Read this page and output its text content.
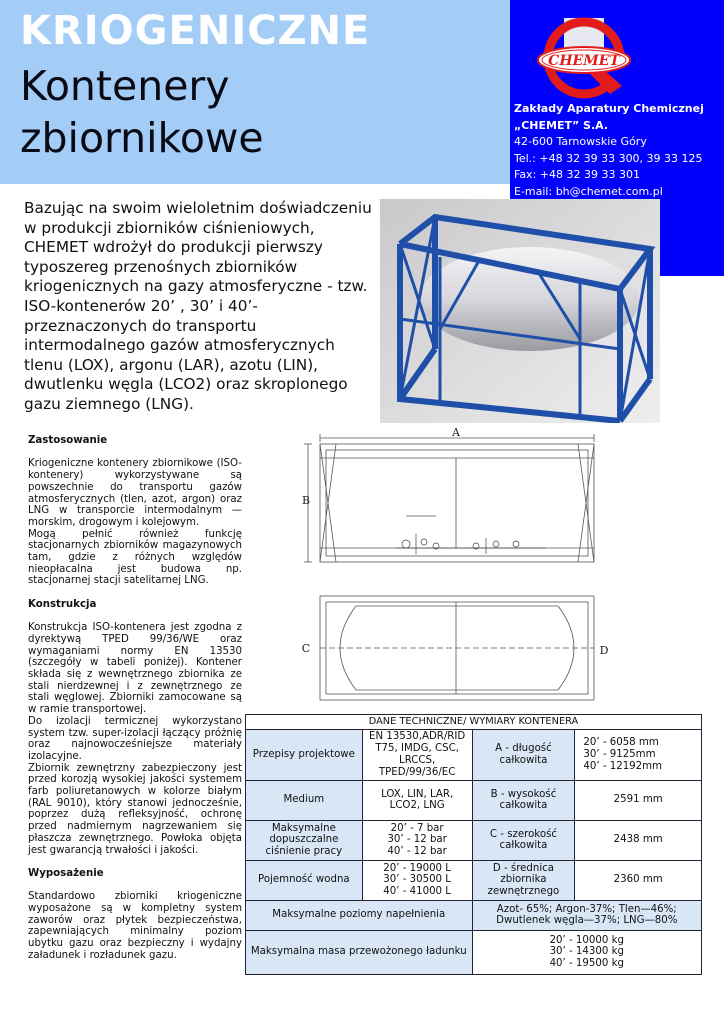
KRIOGENICZNE
Kontenery
zbiornikowe
CHEMET
Zakłady Aparatury Chemicznej
„CHEMET” S.A.
42-600 Tarnowskie Góry
Tel.: +48 32 39 33 300, 39 33 125
Fax: +48 32 39 33 301
E-mail: bh@chemet.com.pl
Bazując na swoim wieloletnim doświadczeniu w produkcji zbiorników ciśnieniowych, CHEMET wdrożył do produkcji pierwszy typoszereg przenośnych zbiorników kriogenicznych na gazy atmosferyczne - tzw. ISO-kontenerów 20’ , 30’ i 40’- przeznaczonych do transportu intermodalnego gazów atmosferycznych tlenu (LOX), argonu (LAR), azotu (LIN), dwutlenku węgla (LCO2) oraz skroplonego gazu ziemnego (LNG).
Zastosowanie

Kriogeniczne kontenery zbiornikowe (ISO-kontenery) wykorzystywane są powszechnie do transportu gazów atmosferycznych (tlen, azot, argon) oraz LNG w transporcie intermodalnym — morskim, drogowym i kolejowym.

Mogą pełnić również funkcję stacjonarnych zbiorników magazynowych tam, gdzie z różnych względów nieopłacalna jest budowa np. stacjonarnej stacji satelitarnej LNG.

Konstrukcja

Konstrukcja ISO-kontenera jest zgodna z dyrektywą TPED 99/36/WE oraz wymaganiami normy EN 13530 (szczegóły w tabeli poniżej). Kontener składa się z wewnętrznego zbiornika ze stali nierdzewnej i z zewnętrznego ze stali węglowej. Zbiorniki zamocowane są w ramie transportowej.

Do izolacji termicznej wykorzystano system tzw. super-izolacji łączący próżnię oraz najnowocześniejsze materiały izolacyjne.

Zbiornik zewnętrzny zabezpieczony jest przed korozją wysokiej jakości systemem farb poliuretanowych w kolorze białym (RAL 9010), który stanowi jednocześnie, poprzez dużą refleksyjność, ochronę przed nadmiernym nagrzewaniem się płaszcza zewnętrznego. Powłoka objęta jest gwarancją trwałości i jakości.

Wyposażenie

Standardowo zbiorniki kriogeniczne wyposażone są w kompletny system zaworów oraz płytek bezpieczeństwa, zapewniających minimalny poziom ubytku gazu oraz bezpieczny i wydajny załadunek i rozładunek gazu.

A
B
C	D
DANE TECHNICZNE/ WYMIARY KONTENERA			
Przepisy projektowe	EN 13530,ADR/RID T75, IMDG, CSC, LRCCS, TPED/99/36/EC	A - długość całkowita	20’ - 6058 mm
30’ - 9125mm
40’ - 12192mm
Medium	LOX, LIN, LAR, LCO2, LNG	B - wysokość całkowita	2591 mm
Maksymalne dopuszczalne ciśnienie pracy	20’ - 7 bar
30’ - 12 bar
40’ - 12 bar	C - szerokość całkowita	2438 mm
Pojemność wodna	20’ - 19000 L
30’ - 30500 L
40’ - 41000 L	D - średnica zbiornika zewnętrznego	2360 mm
Maksymalne poziomy napełnienia		Azot- 65%; Argon-37%; Tlen—46%;
Dwutlenek węgla—37%; LNG—80%	
Maksymalna masa przewożonego ładunku		20’ - 10000 kg
30’ - 14300 kg
40’ - 19500 kg	
